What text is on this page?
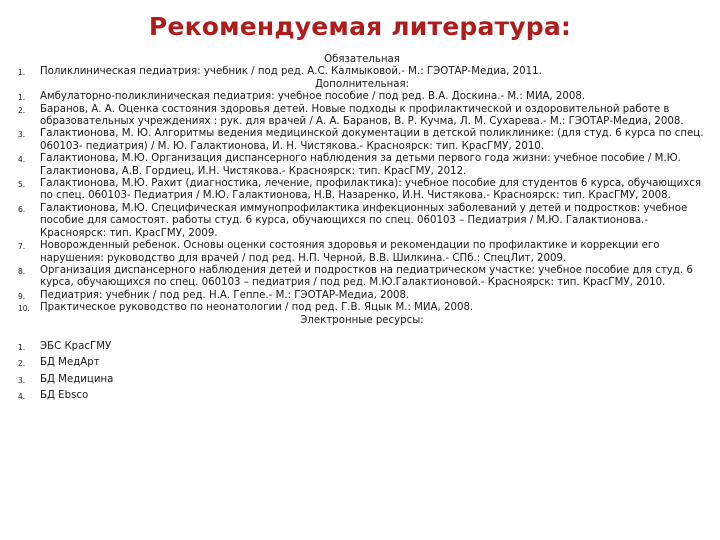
Рекомендуемая литература:

Обязательная

1.	Поликлиническая педиатрия: учебник / под ред. А.С. Калмыковой.- М.: ГЭОТАР-Медиа, 2011.

Дополнительная:

1.	Амбулаторно-поликлиническая педиатрия: учебное пособие / под ред. В.А. Доскина.- М.: МИА, 2008.
2.	Баранов, А. А. Оценка состояния здоровья детей. Новые подходы к профилактической и оздоровительной работе в образовательных учреждениях : рук. для врачей / А. А. Баранов, В. Р. Кучма, Л. М. Сухарева.- М.: ГЭОТАР-Медиа, 2008.
3.	Галактионова, М. Ю. Алгоритмы ведения медицинской документации в детской поликлинике: (для студ. 6 курса по спец. 060103- педиатрия) / М. Ю. Галактионова, И. Н. Чистякова.- Красноярск: тип. КрасГМУ, 2010.
4.	Галактионова, М.Ю. Организация диспансерного наблюдения за детьми первого года жизни: учебное пособие / М.Ю. Галактионова, А.В. Гордиец, И.Н. Чистякова.- Красноярск: тип. КрасГМУ, 2012.
5.	Галактионова, М.Ю. Рахит (диагностика, лечение, профилактика): учебное пособие для студентов 6 курса, обучающихся по спец. 060103- Педиатрия / М.Ю. Галактионова, Н.В. Назаренко, И.Н. Чистякова.- Красноярск: тип. КрасГМУ, 2008.
6.	Галактионова, М.Ю. Специфическая иммунопрофилактика инфекционных заболеваний у детей и подростков: учебное пособие для самостоят. работы студ. 6 курса, обучающихся по спец. 060103 – Педиатрия / М.Ю. Галактионова.- Красноярск: тип. КрасГМУ, 2009.
7.	Новорожденный ребенок. Основы оценки состояния здоровья и рекомендации по профилактике и коррекции его нарушения: руководство для врачей / под ред. Н.П. Черной, В.В. Шилкина.- СПб.: СпецЛит, 2009.
8.	Организация диспансерного наблюдения детей и подростков на педиатрическом участке: учебное пособие для студ. 6 курса, обучающихся по спец. 060103 – педиатрия / под ред. М.Ю.Галактионовой.- Красноярск: тип. КрасГМУ, 2010.
9.	Педиатрия: учебник / под ред. Н.А. Геппе.- М.: ГЭОТАР-Медиа, 2008.
10. Практическое руководство по неонатологии / под ред. Г.В. Яцык М.: МИА, 2008.

Электронные ресурсы:

1.	ЭБС КрасГМУ
2.	БД МедАрт
3.	БД Медицина
4.	БД Ebsco
